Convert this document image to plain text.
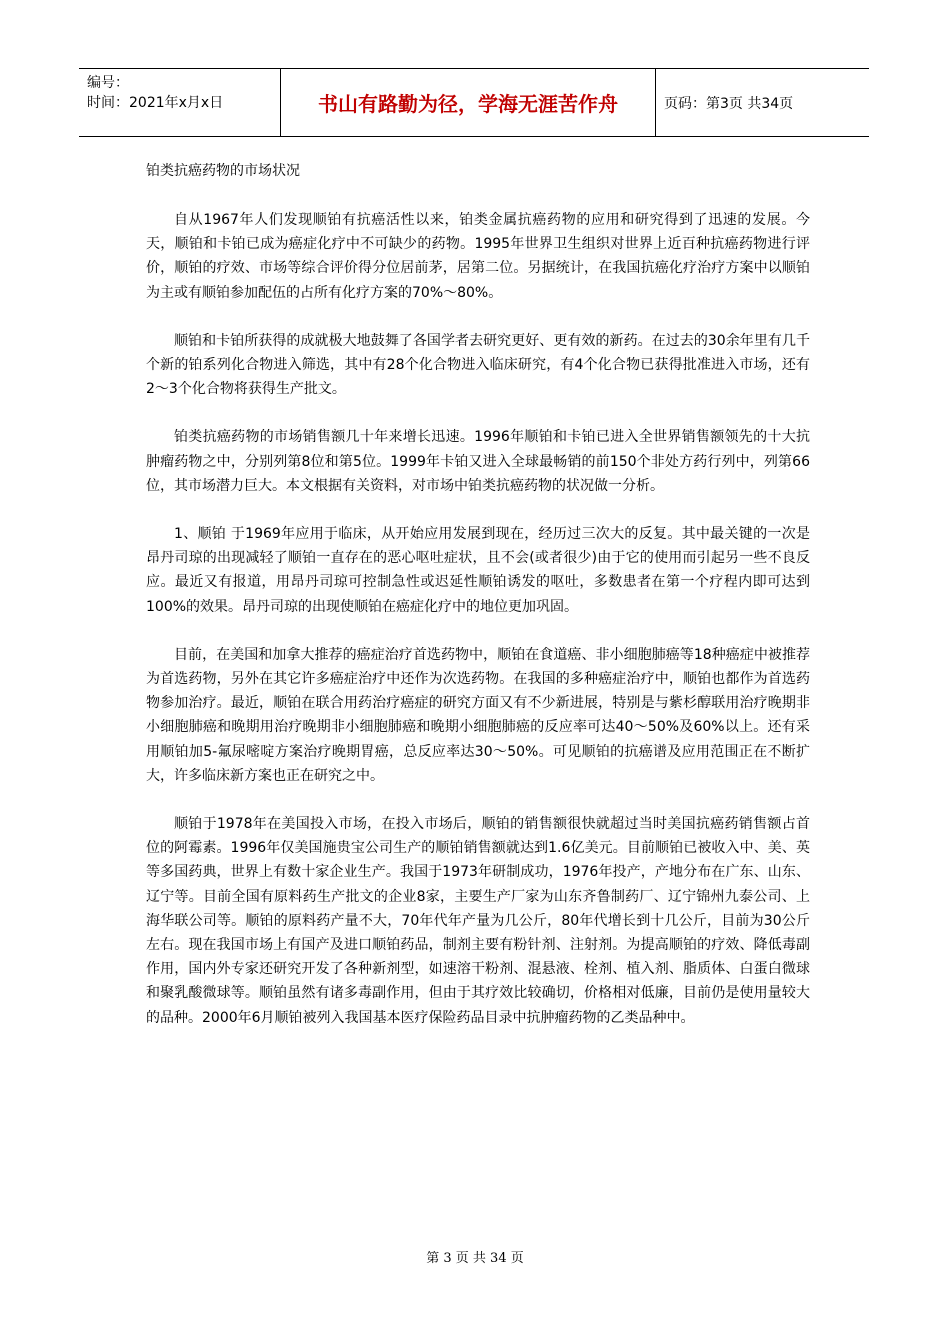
编号：
时间：2021年x月x日	书山有路勤为径，学海无涯苦作舟	页码：第3页 共34页
铂类抗癌药物的市场状况

自从1967年人们发现顺铂有抗癌活性以来，铂类金属抗癌药物的应用和研究得到了迅速的发展。今天，顺铂和卡铂已成为癌症化疗中不可缺少的药物。1995年世界卫生组织对世界上近百种抗癌药物进行评价，顺铂的疗效、市场等综合评价得分位居前茅，居第二位。另据统计，在我国抗癌化疗治疗方案中以顺铂为主或有顺铂参加配伍的占所有化疗方案的70%～80%。

顺铂和卡铂所获得的成就极大地鼓舞了各国学者去研究更好、更有效的新药。在过去的30余年里有几千个新的铂系列化合物进入筛选，其中有28个化合物进入临床研究，有4个化合物已获得批准进入市场，还有2～3个化合物将获得生产批文。

铂类抗癌药物的市场销售额几十年来增长迅速。1996年顺铂和卡铂已进入全世界销售额领先的十大抗肿瘤药物之中，分别列第8位和第5位。1999年卡铂又进入全球最畅销的前150个非处方药行列中，列第66位，其市场潜力巨大。本文根据有关资料，对市场中铂类抗癌药物的状况做一分析。

1、顺铂 于1969年应用于临床，从开始应用发展到现在，经历过三次大的反复。其中最关键的一次是昂丹司琼的出现减轻了顺铂一直存在的恶心呕吐症状，且不会(或者很少)由于它的使用而引起另一些不良反应。最近又有报道，用昂丹司琼可控制急性或迟延性顺铂诱发的呕吐，多数患者在第一个疗程内即可达到100%的效果。昂丹司琼的出现使顺铂在癌症化疗中的地位更加巩固。

目前，在美国和加拿大推荐的癌症治疗首选药物中，顺铂在食道癌、非小细胞肺癌等18种癌症中被推荐为首选药物，另外在其它许多癌症治疗中还作为次选药物。在我国的多种癌症治疗中，顺铂也都作为首选药物参加治疗。最近，顺铂在联合用药治疗癌症的研究方面又有不少新进展，特别是与紫杉醇联用治疗晚期非小细胞肺癌和晚期用治疗晚期非小细胞肺癌和晚期小细胞肺癌的反应率可达40～50%及60%以上。还有采用顺铂加5-氟尿嘧啶方案治疗晚期胃癌，总反应率达30～50%。可见顺铂的抗癌谱及应用范围正在不断扩大，许多临床新方案也正在研究之中。

顺铂于1978年在美国投入市场，在投入市场后，顺铂的销售额很快就超过当时美国抗癌药销售额占首位的阿霉素。1996年仅美国施贵宝公司生产的顺铂销售额就达到1.6亿美元。目前顺铂已被收入中、美、英等多国药典，世界上有数十家企业生产。我国于1973年研制成功，1976年投产，产地分布在广东、山东、辽宁等。目前全国有原料药生产批文的企业8家，主要生产厂家为山东齐鲁制药厂、辽宁锦州九泰公司、上海华联公司等。顺铂的原料药产量不大，70年代年产量为几公斤，80年代增长到十几公斤，目前为30公斤左右。现在我国市场上有国产及进口顺铂药品，制剂主要有粉针剂、注射剂。为提高顺铂的疗效、降低毒副作用，国内外专家还研究开发了各种新剂型，如速溶干粉剂、混悬液、栓剂、植入剂、脂质体、白蛋白微球和聚乳酸微球等。顺铂虽然有诸多毒副作用，但由于其疗效比较确切，价格相对低廉，目前仍是使用量较大的品种。2000年6月顺铂被列入我国基本医疗保险药品目录中抗肿瘤药物的乙类品种中。

第 3 页 共 34 页
